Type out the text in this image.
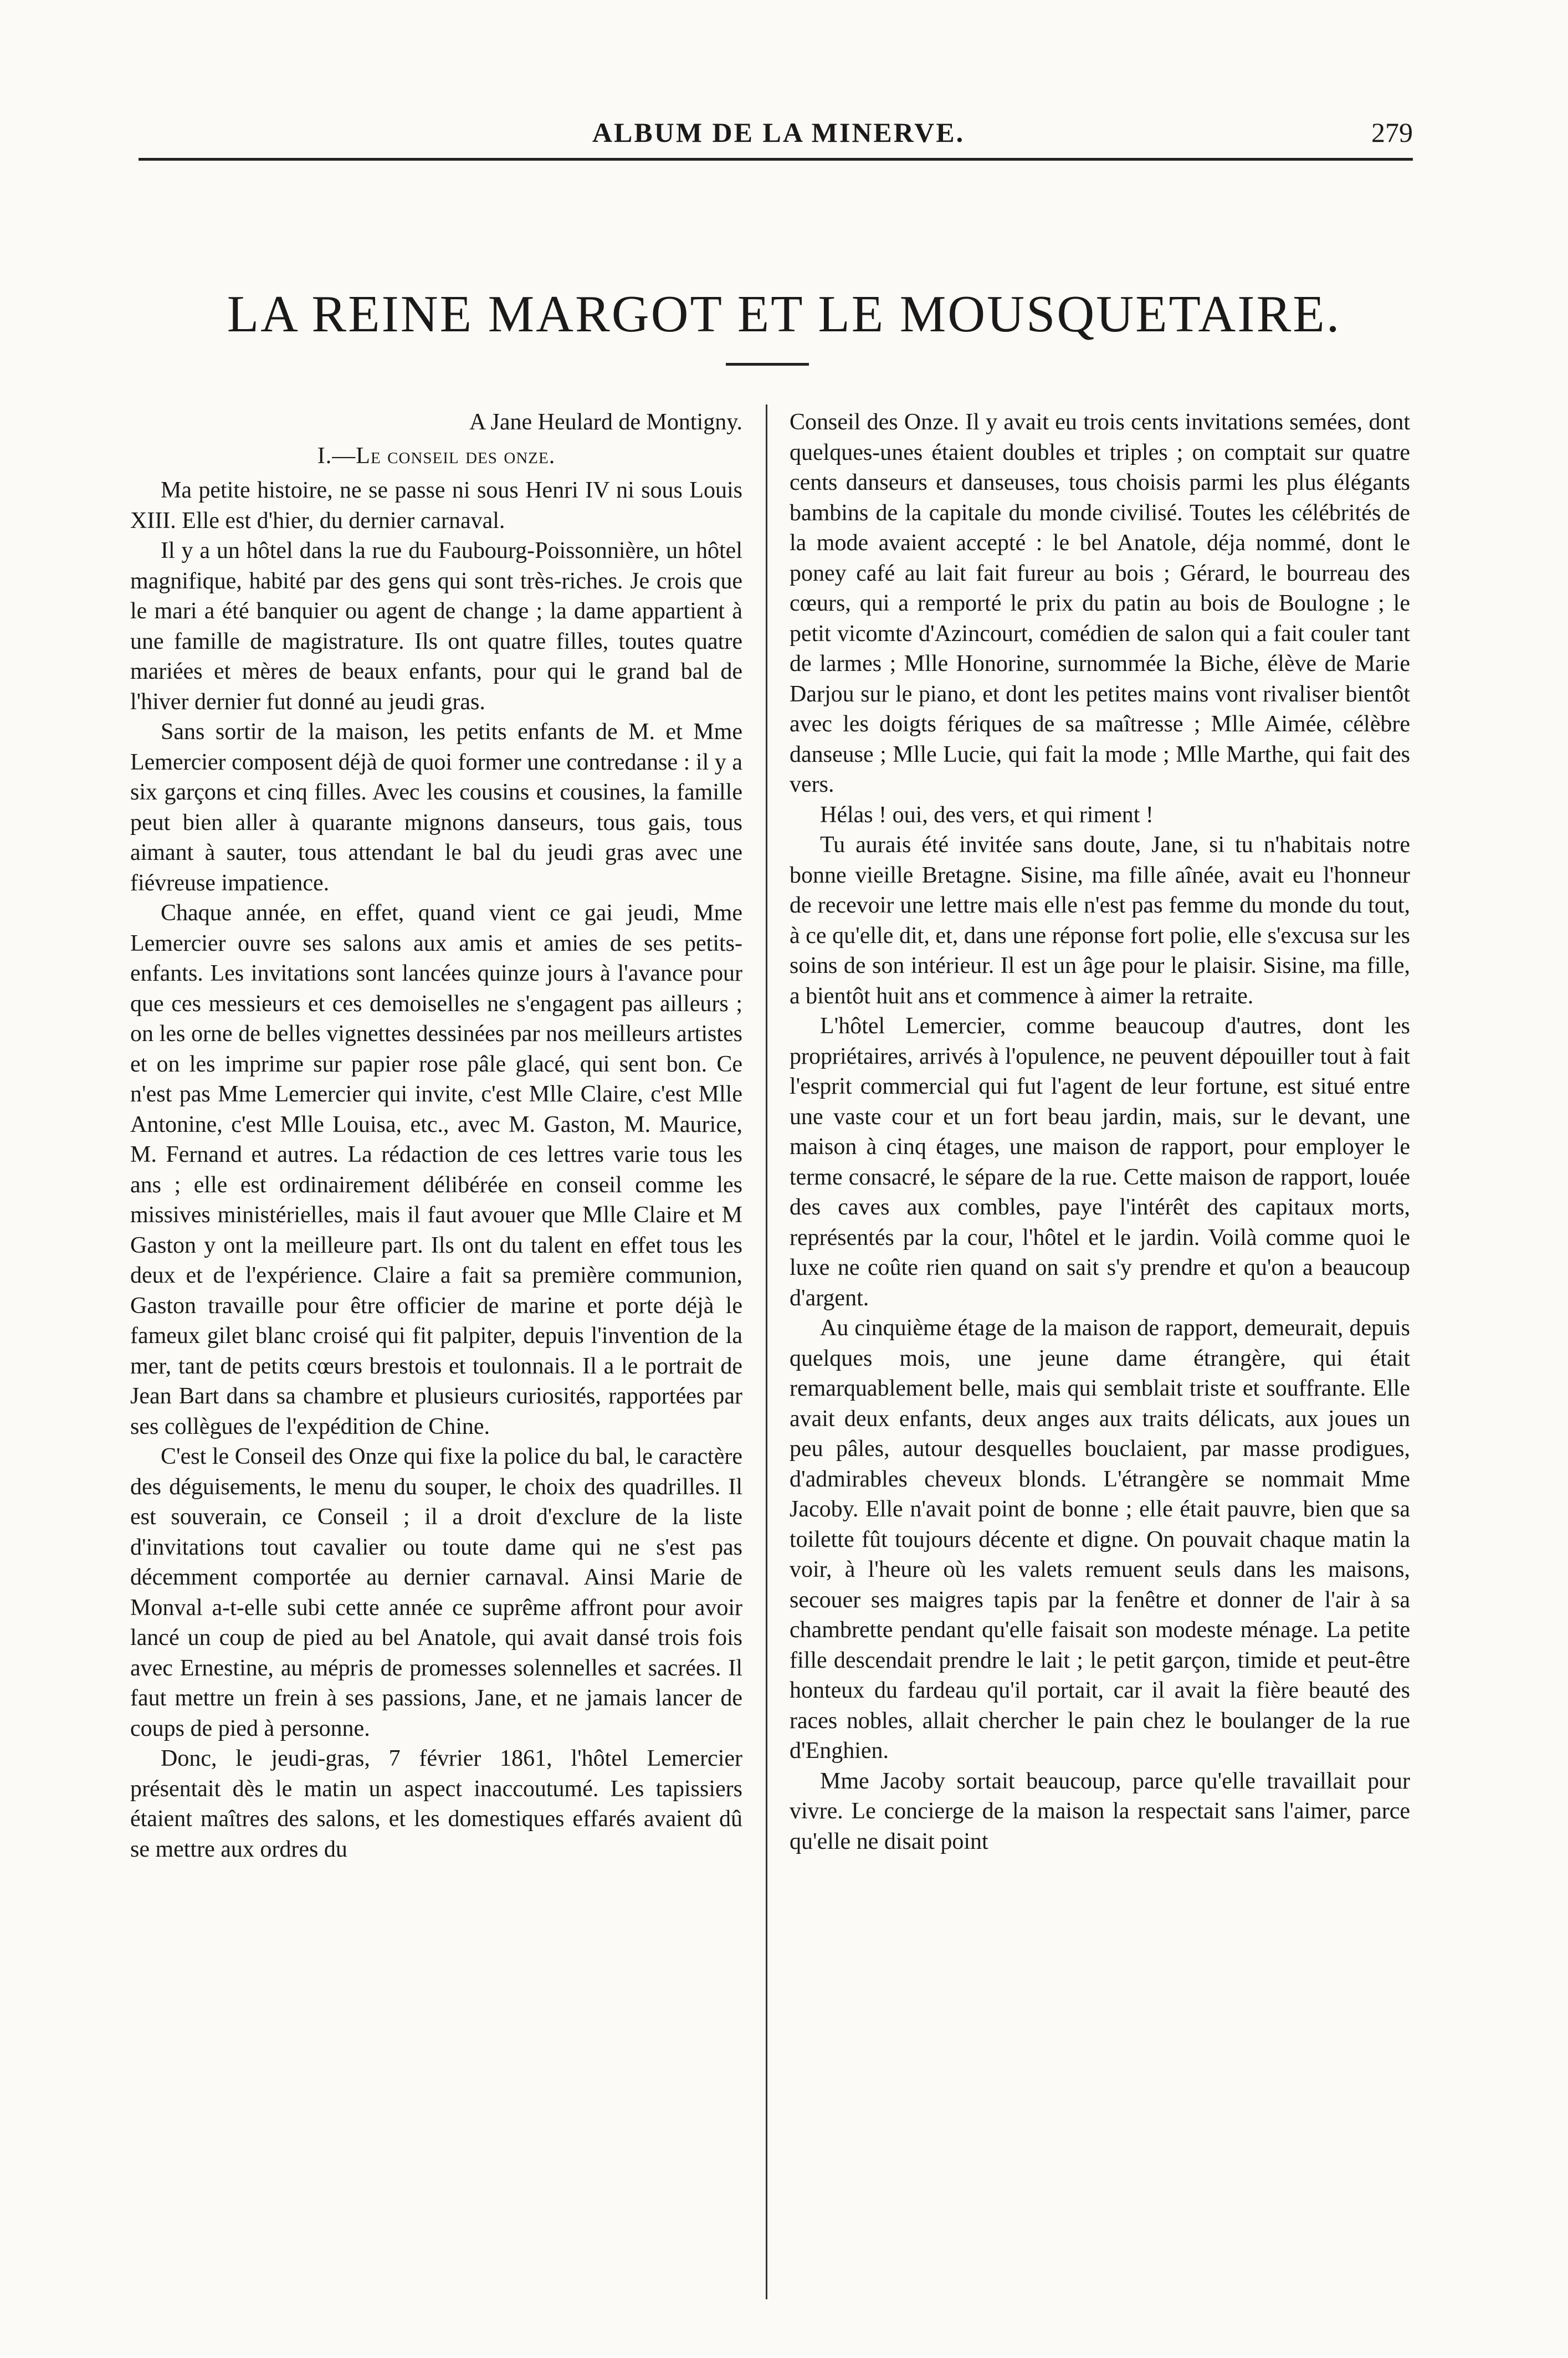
ALBUM DE LA MINERVE.	279
LA REINE MARGOT ET LE MOUSQUETAIRE.
A Jane Heulard de Montigny.
I.—Le conseil des onze.

Ma petite histoire, ne se passe ni sous Henri IV ni sous Louis XIII. Elle est d'hier, du dernier carnaval.

Il y a un hôtel dans la rue du Faubourg-Poissonnière, un hôtel magnifique, habité par des gens qui sont très-riches. Je crois que le mari a été banquier ou agent de change ; la dame appartient à une famille de magistrature. Ils ont quatre filles, toutes quatre mariées et mères de beaux enfants, pour qui le grand bal de l'hiver dernier fut donné au jeudi gras.

Sans sortir de la maison, les petits enfants de M. et Mme Lemercier composent déjà de quoi former une contredanse : il y a six garçons et cinq filles. Avec les cousins et cousines, la famille peut bien aller à quarante mignons danseurs, tous gais, tous aimant à sauter, tous attendant le bal du jeudi gras avec une fiévreuse impatience.

Chaque année, en effet, quand vient ce gai jeudi, Mme Lemercier ouvre ses salons aux amis et amies de ses petits-enfants. Les invitations sont lancées quinze jours à l'avance pour que ces messieurs et ces demoiselles ne s'engagent pas ailleurs ; on les orne de belles vignettes dessinées par nos meilleurs artistes et on les imprime sur papier rose pâle glacé, qui sent bon. Ce n'est pas Mme Lemercier qui invite, c'est Mlle Claire, c'est Mlle Antonine, c'est Mlle Louisa, etc., avec M. Gaston, M. Maurice, M. Fernand et autres. La rédaction de ces lettres varie tous les ans ; elle est ordinairement délibérée en conseil comme les missives ministérielles, mais il faut avouer que Mlle Claire et M Gaston y ont la meilleure part. Ils ont du talent en effet tous les deux et de l'expérience. Claire a fait sa première communion, Gaston travaille pour être officier de marine et porte déjà le fameux gilet blanc croisé qui fit palpiter, depuis l'invention de la mer, tant de petits cœurs brestois et toulonnais. Il a le portrait de Jean Bart dans sa chambre et plusieurs curiosités, rapportées par ses collègues de l'expédition de Chine.

C'est le Conseil des Onze qui fixe la police du bal, le caractère des déguisements, le menu du souper, le choix des quadrilles. Il est souverain, ce Conseil ; il a droit d'exclure de la liste d'invitations tout cavalier ou toute dame qui ne s'est pas décemment comportée au dernier carnaval. Ainsi Marie de Monval a-t-elle subi cette année ce suprême affront pour avoir lancé un coup de pied au bel Anatole, qui avait dansé trois fois avec Ernestine, au mépris de promesses solennelles et sacrées. Il faut mettre un frein à ses passions, Jane, et ne jamais lancer de coups de pied à personne.

Donc, le jeudi-gras, 7 février 1861, l'hôtel Lemercier présentait dès le matin un aspect inaccoutumé. Les tapissiers étaient maîtres des salons, et les domestiques effarés avaient dû se mettre aux ordres du

Conseil des Onze. Il y avait eu trois cents invitations semées, dont quelques-unes étaient doubles et triples ; on comptait sur quatre cents danseurs et danseuses, tous choisis parmi les plus élégants bambins de la capitale du monde civilisé. Toutes les célébrités de la mode avaient accepté : le bel Anatole, déja nommé, dont le poney café au lait fait fureur au bois ; Gérard, le bourreau des cœurs, qui a remporté le prix du patin au bois de Boulogne ; le petit vicomte d'Azincourt, comédien de salon qui a fait couler tant de larmes ; Mlle Honorine, surnommée la Biche, élève de Marie Darjou sur le piano, et dont les petites mains vont rivaliser bientôt avec les doigts fériques de sa maîtresse ; Mlle Aimée, célèbre danseuse ; Mlle Lucie, qui fait la mode ; Mlle Marthe, qui fait des vers.

Hélas ! oui, des vers, et qui riment !

Tu aurais été invitée sans doute, Jane, si tu n'habitais notre bonne vieille Bretagne. Sisine, ma fille aînée, avait eu l'honneur de recevoir une lettre mais elle n'est pas femme du monde du tout, à ce qu'elle dit, et, dans une réponse fort polie, elle s'excusa sur les soins de son intérieur. Il est un âge pour le plaisir. Sisine, ma fille, a bientôt huit ans et commence à aimer la retraite.

L'hôtel Lemercier, comme beaucoup d'autres, dont les propriétaires, arrivés à l'opulence, ne peuvent dépouiller tout à fait l'esprit commercial qui fut l'agent de leur fortune, est situé entre une vaste cour et un fort beau jardin, mais, sur le devant, une maison à cinq étages, une maison de rapport, pour employer le terme consacré, le sépare de la rue. Cette maison de rapport, louée des caves aux combles, paye l'intérêt des capitaux morts, représentés par la cour, l'hôtel et le jardin. Voilà comme quoi le luxe ne coûte rien quand on sait s'y prendre et qu'on a beaucoup d'argent.

Au cinquième étage de la maison de rapport, demeurait, depuis quelques mois, une jeune dame étrangère, qui était remarquablement belle, mais qui semblait triste et souffrante. Elle avait deux enfants, deux anges aux traits délicats, aux joues un peu pâles, autour desquelles bouclaient, par masse prodigues, d'admirables cheveux blonds. L'étrangère se nommait Mme Jacoby. Elle n'avait point de bonne ; elle était pauvre, bien que sa toilette fût toujours décente et digne. On pouvait chaque matin la voir, à l'heure où les valets remuent seuls dans les maisons, secouer ses maigres tapis par la fenêtre et donner de l'air à sa chambrette pendant qu'elle faisait son modeste ménage. La petite fille descendait prendre le lait ; le petit garçon, timide et peut-être honteux du fardeau qu'il portait, car il avait la fière beauté des races nobles, allait chercher le pain chez le boulanger de la rue d'Enghien.

Mme Jacoby sortait beaucoup, parce qu'elle travaillait pour vivre. Le concierge de la maison la respectait sans l'aimer, parce qu'elle ne disait point
